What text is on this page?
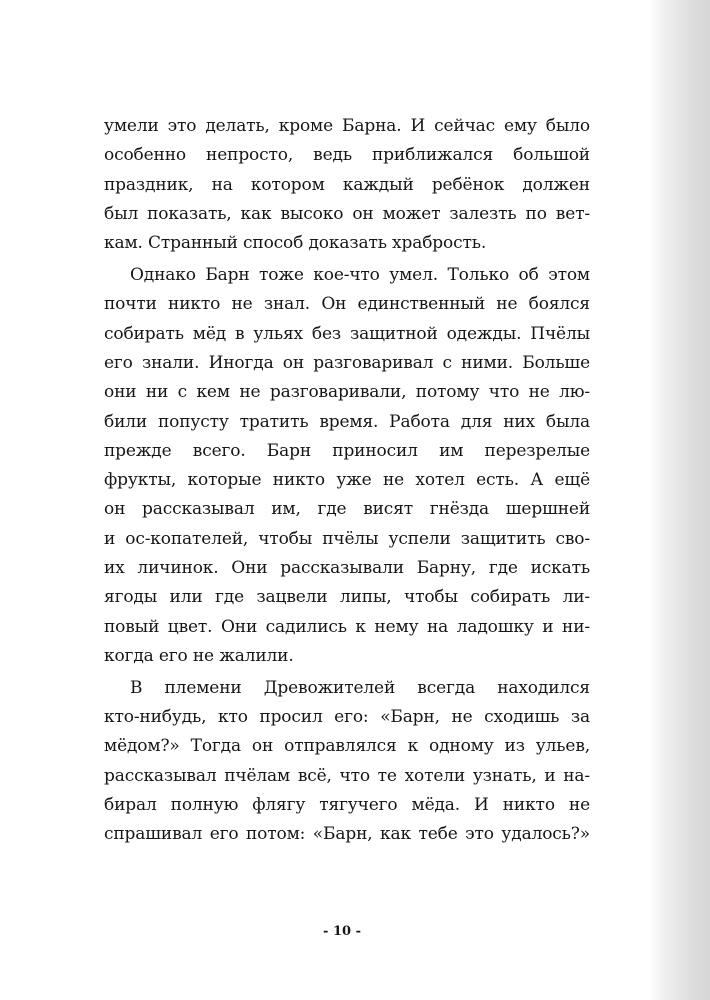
умели это делать, кроме Барна. И сейчас ему было
особенно непросто, ведь приближался большой
праздник, на котором каждый ребёнок должен
был показать, как высоко он может залезть по вет-
кам. Странный способ доказать храбрость.
Однако Барн тоже кое-что умел. Только об этом
почти никто не знал. Он единственный не боялся
собирать мёд в ульях без защитной одежды. Пчёлы
его знали. Иногда он разговаривал с ними. Больше
они ни с кем не разговаривали, потому что не лю-
били попусту тратить время. Работа для них была
прежде всего. Барн приносил им перезрелые
фрукты, которые никто уже не хотел есть. А ещё
он рассказывал им, где висят гнёзда шершней
и ос-копателей, чтобы пчёлы успели защитить сво-
их личинок. Они рассказывали Барну, где искать
ягоды или где зацвели липы, чтобы собирать ли-
повый цвет. Они садились к нему на ладошку и ни-
когда его не жалили.
В племени Древожителей всегда находился
кто-нибудь, кто просил его: «Барн, не сходишь за
мёдом?» Тогда он отправлялся к одному из ульев,
рассказывал пчёлам всё, что те хотели узнать, и на-
бирал полную флягу тягучего мёда. И никто не
спрашивал его потом: «Барн, как тебе это удалось?»
- 10 -
